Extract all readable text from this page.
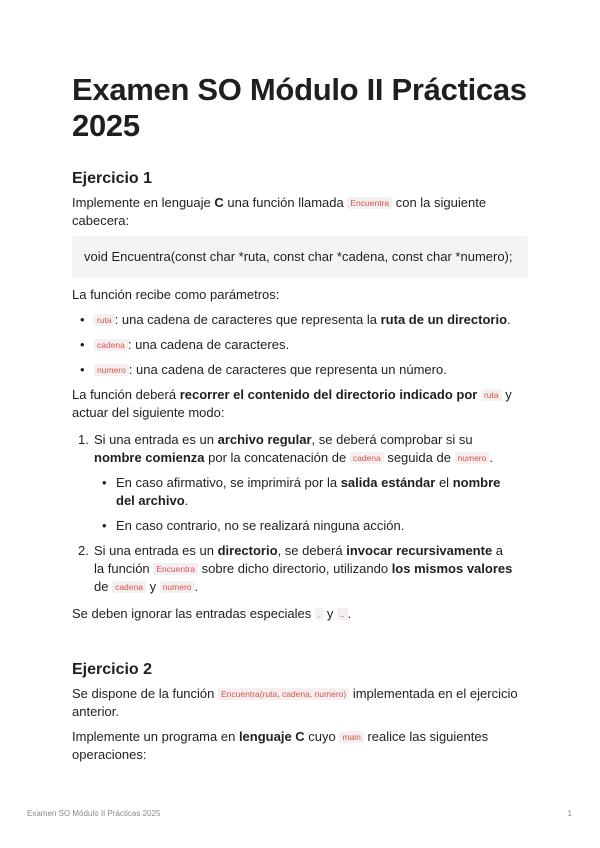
Examen SO Módulo II Prácticas 2025
Ejercicio 1

Implemente en lenguaje C una función llamada Encuentra con la siguiente cabecera:

void Encuentra(const char *ruta, const char *cadena, const char *numero);

La función recibe como parámetros:

• ruta : una cadena de caracteres que representa la ruta de un directorio.
• cadena : una cadena de caracteres.
• numero : una cadena de caracteres que representa un número.

La función deberá recorrer el contenido del directorio indicado por ruta y actuar del siguiente modo:

1. Si una entrada es un archivo regular, se deberá comprobar si su nombre comienza por la concatenación de cadena seguida de numero .
• En caso afirmativo, se imprimirá por la salida estándar el nombre del archivo.
• En caso contrario, no se realizará ninguna acción.
2. Si una entrada es un directorio, se deberá invocar recursivamente a la función Encuentra sobre dicho directorio, utilizando los mismos valores de cadena y numero .

Se deben ignorar las entradas especiales . y .. .

Ejercicio 2

Se dispone de la función Encuentra(ruta, cadena, numero) implementada en el ejercicio anterior.

Implemente un programa en lenguaje C cuyo main realice las siguientes operaciones:

Examen SO Módulo II Prácticas 2025	1
